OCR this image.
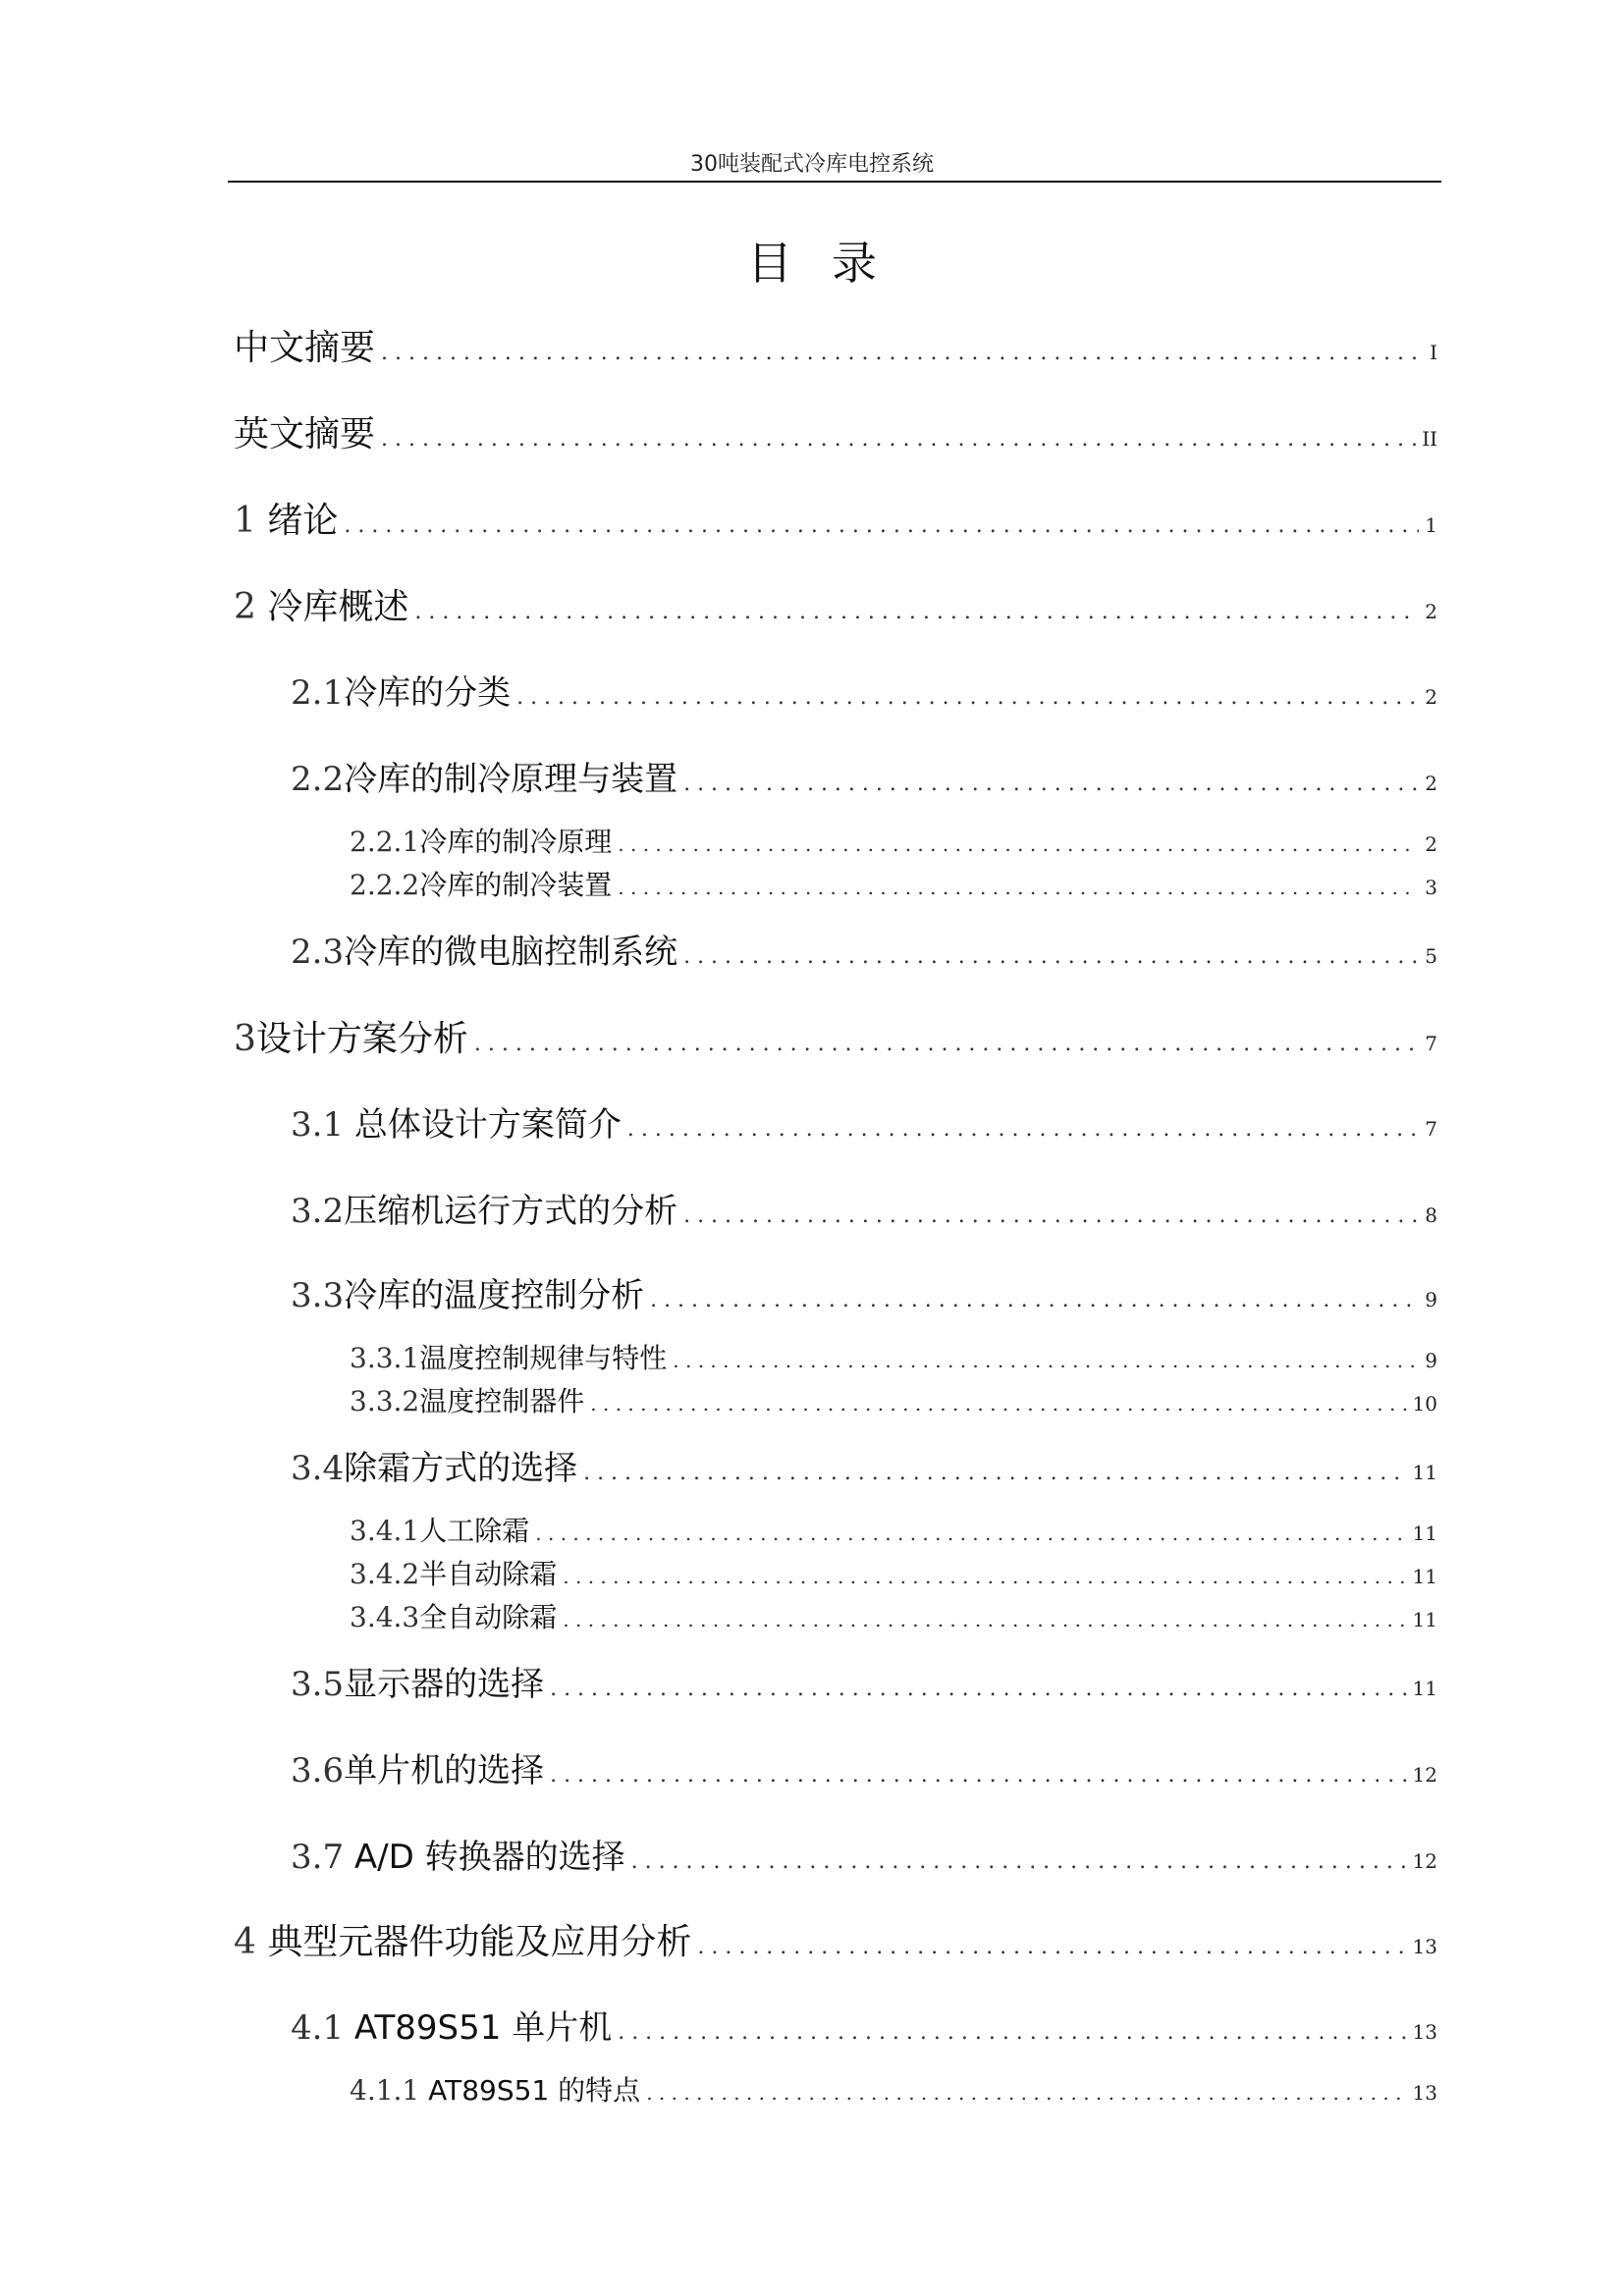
30吨装配式冷库电控系统
目录
中文摘要 . . .	I
英文摘要 . . .	II
1 绪论 . . .	1
2 冷库概述 . . .	2
2.1冷库的分类 . . .	2
2.2冷库的制冷原理与装置 . . .	2
2.2.1冷库的制冷原理 . . .	2
2.2.2冷库的制冷装置 . . .	3
2.3冷库的微电脑控制系统 . . .	5
3设计方案分析 . . .	7
3.1 总体设计方案简介 . . .	7
3.2压缩机运行方式的分析 . . .	8
3.3冷库的温度控制分析 . . .	9
3.3.1温度控制规律与特性 . . .	9
3.3.2温度控制器件 . . .	10
3.4除霜方式的选择 . . .	11
3.4.1人工除霜 . . .	11
3.4.2半自动除霜 . . .	11
3.4.3全自动除霜 . . .	11
3.5显示器的选择 . . .	11
3.6单片机的选择 . . .	12
3.7 A/D 转换器的选择 . . .	12
4 典型元器件功能及应用分析 . . .	13
4.1 AT89S51 单片机 . . .	13
4.1.1 AT89S51 的特点 . . .	13
